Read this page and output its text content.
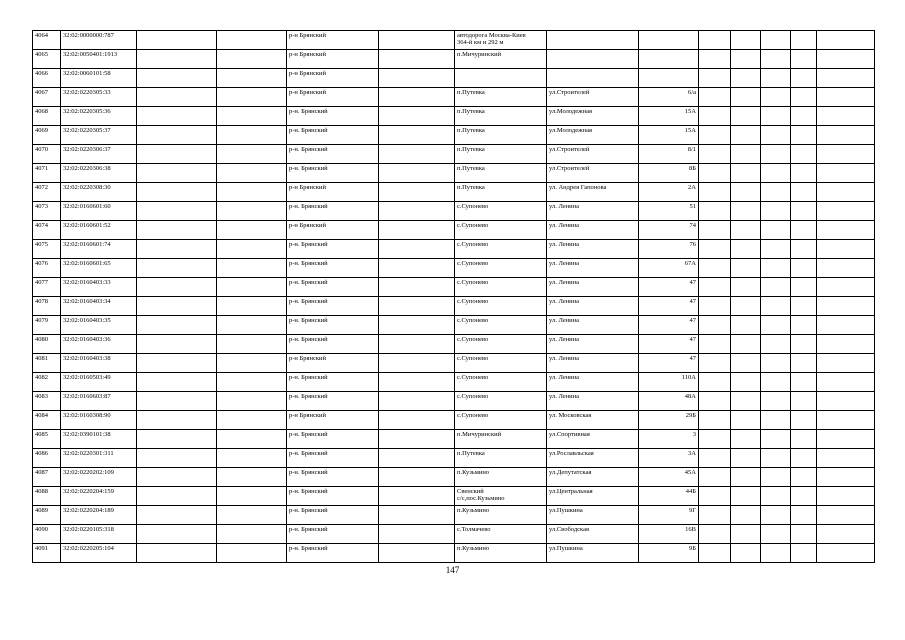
4064	32:02:0000000:787			р-н Брянский		автодорога Москва-Киев
364-й км и 292 м							
4065	32:02:0050401:1913			р-н Брянский		п.Мичуринский							
4066	32:02:0060101:58			р-н Брянский									
4067	32:02:0220305:33			р-н Брянский		п.Путевка	ул.Строителей	6/а					
4068	32:02:0220305:36			р-н. Брянский		п.Путевка	ул.Молодежная	15А					
4069	32:02:0220305:37			р-н. Брянский		п.Путевка	ул.Молодежная	15А					
4070	32:02:0220306:37			р-н. Брянский		п.Путевка	ул.Строителей	8/1					
4071	32:02:0220306:38			р-н. Брянский		п.Путевка	ул.Строителей	8Б					
4072	32:02:0220308:30			р-н Брянский		п.Путевка	ул. Андрея Гапонова	2А					
4073	32:02:0160601:60			р-н. Брянский		с.Супонево	ул. Ленина	51					
4074	32:02:0160601:52			р-н Брянский		с.Супонево	ул. Ленина	74					
4075	32:02:0160601:74			р-н. Брянский		с.Супонево	ул. Ленина	76					
4076	32:02:0160601:65			р-н. Брянский		с.Супонево	ул. Ленина	67А					
4077	32:02:0160403:33			р-н. Брянский		с.Супонево	ул. Ленина	47					
4078	32:02:0160403:34			р-н. Брянский		с.Супонево	ул. Ленина	47					
4079	32:02:0160403:35			р-н. Брянский		с.Супонево	ул. Ленина	47					
4080	32:02:0160403:36			р-н. Брянский		с.Супонево	ул. Ленина	47					
4081	32:02:0160403:38			р-н Брянский		с.Супонево	ул. Ленина	47					
4082	32:02:0160503:49			р-н. Брянский		с.Супонево	ул. Ленина	110А					
4083	32:02:0160603:87			р-н. Брянский		с.Супонево	ул. Ленина	48А					
4084	32:02:0160308:90			р-н Брянский		с.Супонево	ул. Московская	29Б					
4085	32:02:0390101:38			р-н. Брянский		п.Мичуринский	ул.Спортивная	3					
4086	32:02:0220301:311			р-н. Брянский		п.Путевка	ул.Рославльская	3А					
4087	32:02:0220202:109			р-н. Брянский		п.Кузьмино	ул.Депутатская	45А					
4088	32:02:0220204:159			р-н. Брянский		Свенский
с/с,пос.Кузьмино	ул.Центральная	44Б					
4089	32:02:0220204:189			р-н. Брянский		п.Кузьмино	ул.Пушкина	9Г					
4090	32:02:0220105:318			р-н. Брянский		с.Толмачево	ул.Свободская	16В					
4091	32:02:0220205:104			р-н. Брянский		п.Кузьмино	ул.Пушкина	9Б					
147
